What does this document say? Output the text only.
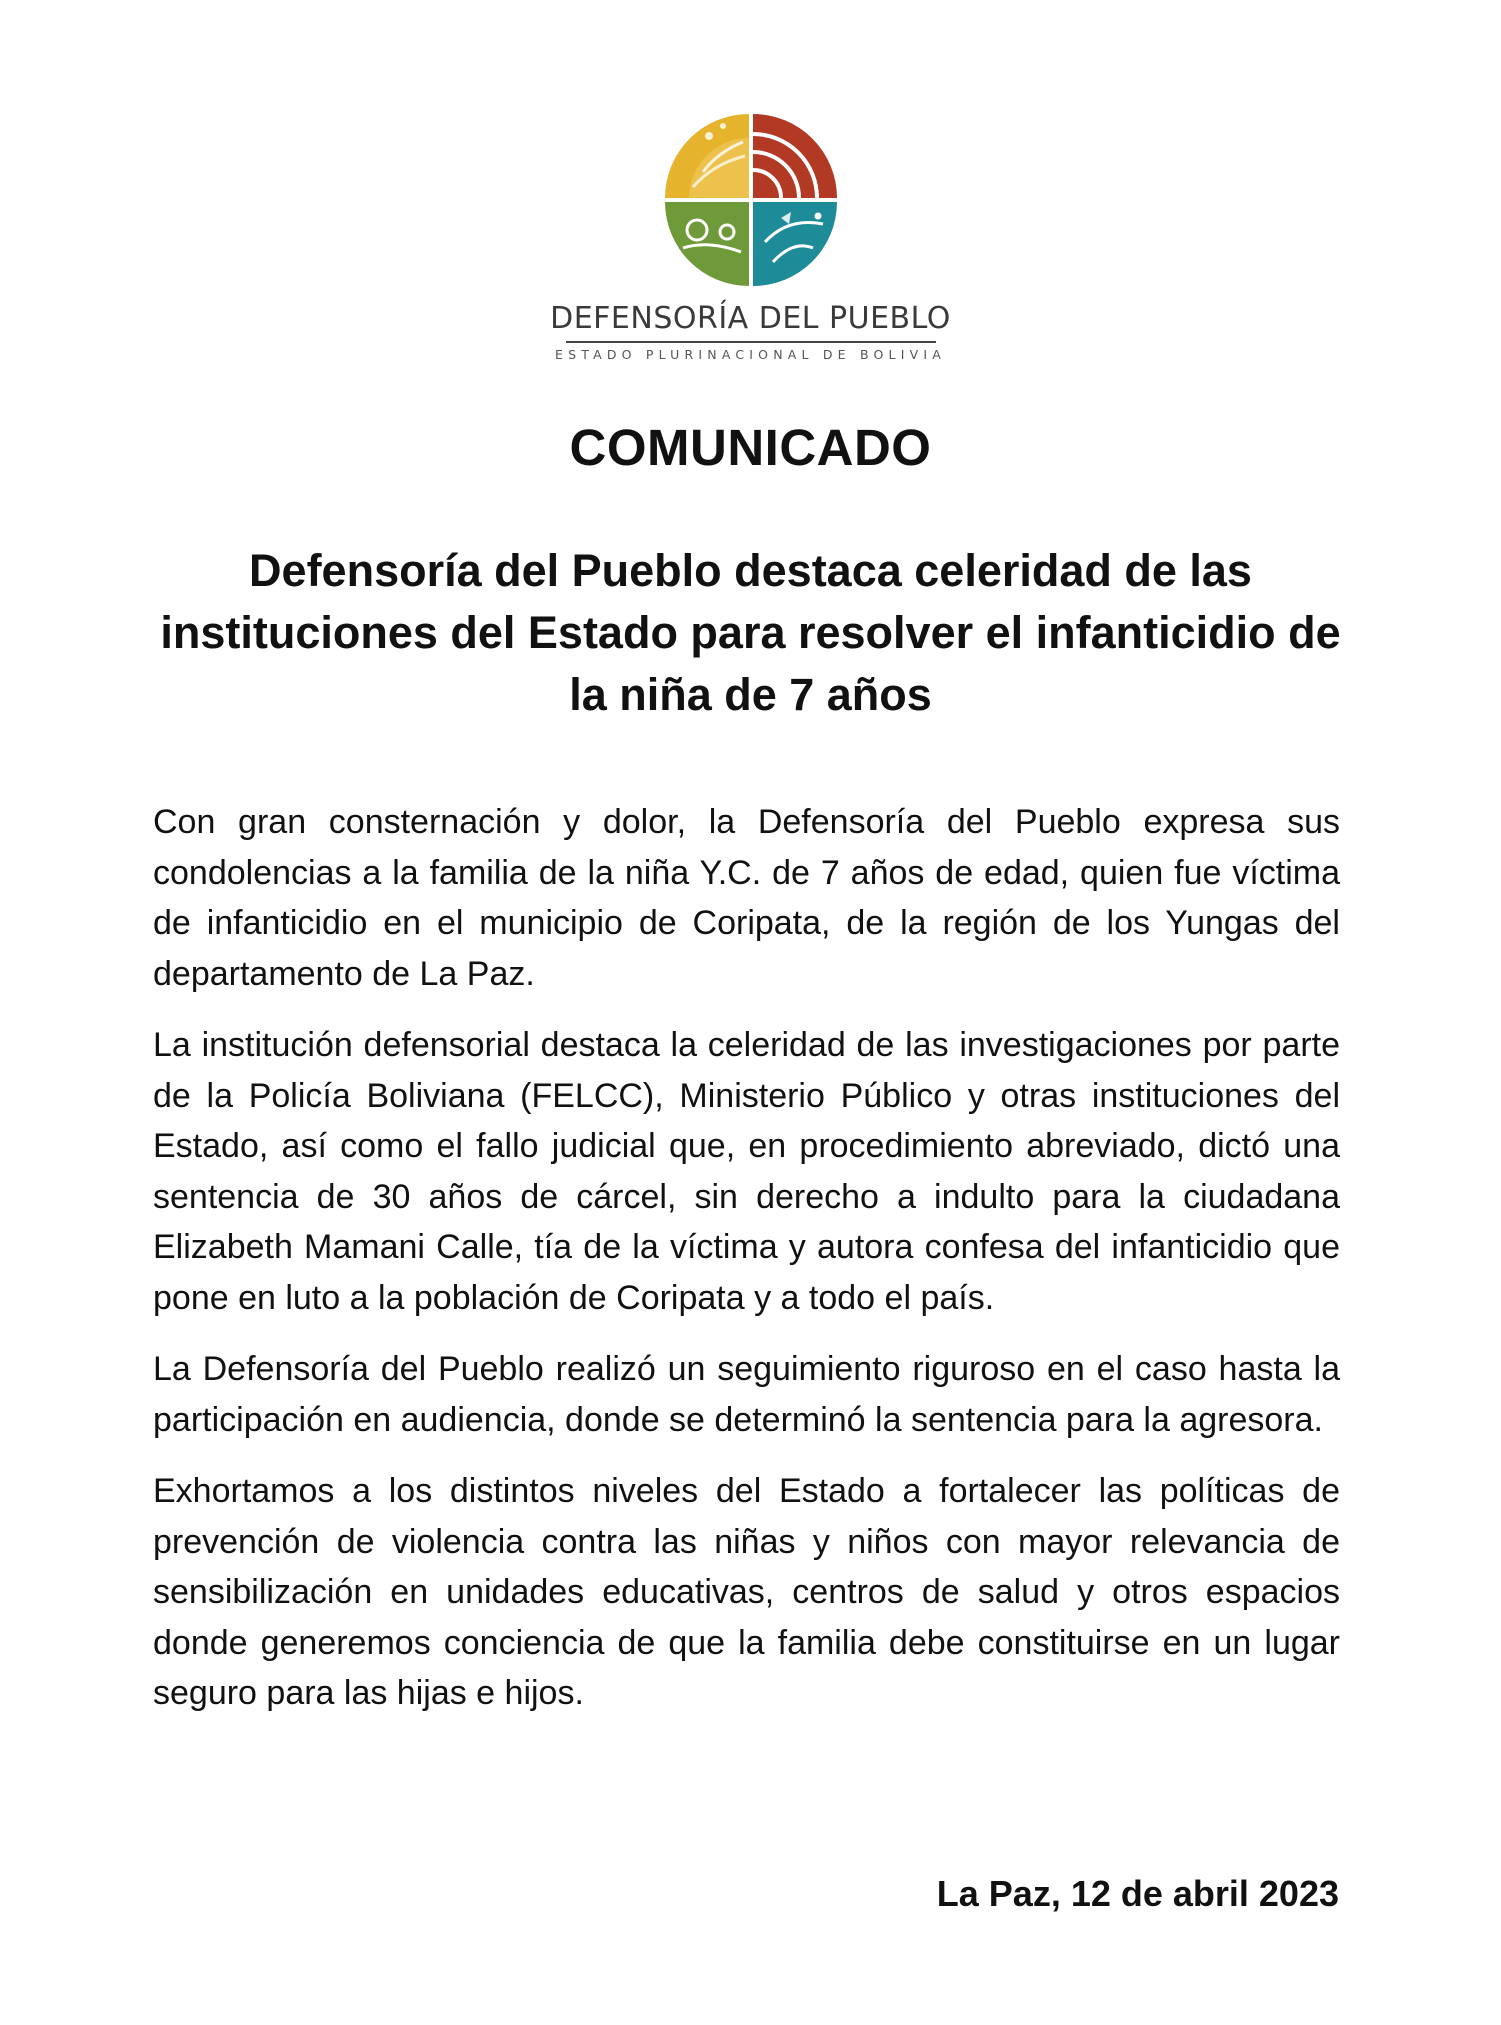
DEFENSORÍA DEL PUEBLO
ESTADO PLURINACIONAL DE BOLIVIA
COMUNICADO
Defensoría del Pueblo destaca celeridad de las instituciones del Estado para resolver el infanticidio de la niña de 7 años

Con gran consternación y dolor, la Defensoría del Pueblo expresa sus condolencias a la familia de la niña Y.C. de 7 años de edad, quien fue víctima de infanticidio en el municipio de Coripata, de la región de los Yungas del departamento de La Paz.

La institución defensorial destaca la celeridad de las investigaciones por parte de la Policía Boliviana (FELCC), Ministerio Público y otras instituciones del Estado, así como el fallo judicial que, en procedimiento abreviado, dictó una sentencia de 30 años de cárcel, sin derecho a indulto para la ciudadana Elizabeth Mamani Calle, tía de la víctima y autora confesa del infanticidio que pone en luto a la población de Coripata y a todo el país.

La Defensoría del Pueblo realizó un seguimiento riguroso en el caso hasta la participación en audiencia, donde se determinó la sentencia para la agresora.

Exhortamos a los distintos niveles del Estado a fortalecer las políticas de prevención de violencia contra las niñas y niños con mayor relevancia de sensibilización en unidades educativas, centros de salud y otros espacios donde generemos conciencia de que la familia debe constituirse en un lugar seguro para las hijas e hijos.

La Paz, 12 de abril 2023
